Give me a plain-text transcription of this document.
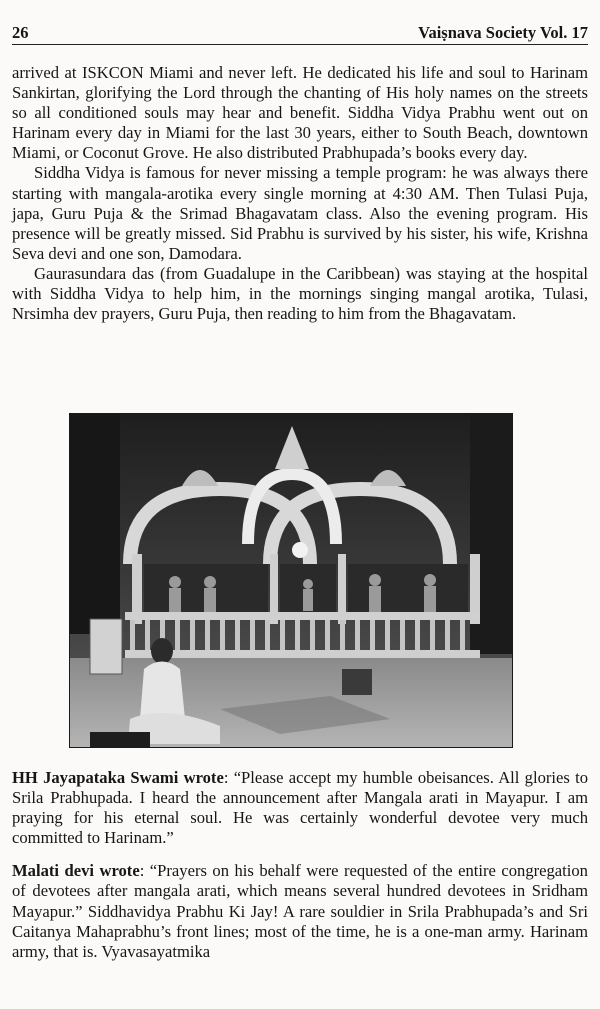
26	Vaiṣnava Society Vol. 17

arrived at ISKCON Miami and never left. He dedicated his life and soul to Harinam Sankirtan, glorifying the Lord through the chanting of His holy names on the streets so all conditioned souls may hear and benefit. Siddha Vidya Prabhu went out on Harinam every day in Miami for the last 30 years, either to South Beach, downtown Miami, or Coconut Grove. He also distributed Prabhupada’s books every day.

Siddha Vidya is famous for never missing a temple program: he was always there starting with mangala-arotika every single morning at 4:30 AM. Then Tulasi Puja, japa, Guru Puja & the Srimad Bhagavatam class. Also the evening program. His presence will be greatly missed. Sid Prabhu is survived by his sister, his wife, Krishna Seva devi and one son, Damodara.

Gaurasundara das (from Guadalupe in the Caribbean) was staying at the hospital with Siddha Vidya to help him, in the mornings singing mangal arotika, Tulasi, Nrsimha dev prayers, Guru Puja, then reading to him from the Bhagavatam.

HH Jayapataka Swami wrote: “Please accept my humble obeisances. All glories to Srila Prabhupada. I heard the announcement after Mangala arati in Mayapur. I am praying for his eternal soul. He was certainly wonderful devotee very much committed to Harinam.”

Malati devi wrote: “Prayers on his behalf were requested of the entire congregation of devotees after mangala arati, which means several hundred devotees in Sridham Mayapur.” Siddhavidya Prabhu Ki Jay! A rare souldier in Srila Prabhupada’s and Sri Caitanya Mahaprabhu’s front lines; most of the time, he is a one-man army. Harinam army, that is. Vyavasayatmika
